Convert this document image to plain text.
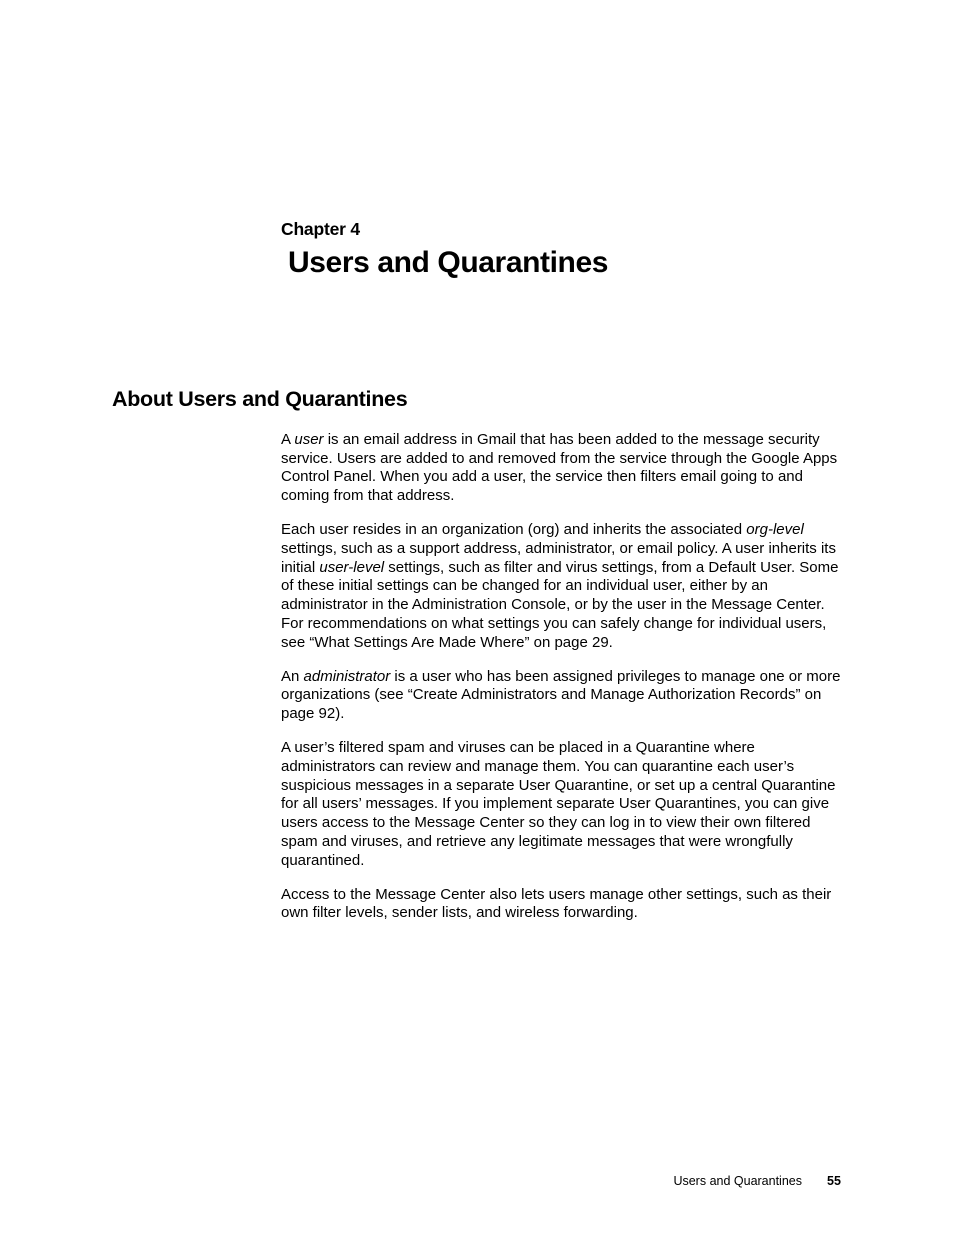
Chapter 4
Users and Quarantines
About Users and Quarantines

A user is an email address in Gmail that has been added to the message security service. Users are added to and removed from the service through the Google Apps Control Panel. When you add a user, the service then filters email going to and coming from that address.

Each user resides in an organization (org) and inherits the associated org-level settings, such as a support address, administrator, or email policy. A user inherits its initial user-level settings, such as filter and virus settings, from a Default User. Some of these initial settings can be changed for an individual user, either by an administrator in the Administration Console, or by the user in the Message Center. For recommendations on what settings you can safely change for individual users, see “What Settings Are Made Where” on page 29.

An administrator is a user who has been assigned privileges to manage one or more organizations (see “Create Administrators and Manage Authorization Records” on page 92).

A user’s filtered spam and viruses can be placed in a Quarantine where administrators can review and manage them. You can quarantine each user’s suspicious messages in a separate User Quarantine, or set up a central Quarantine for all users’ messages. If you implement separate User Quarantines, you can give users access to the Message Center so they can log in to view their own filtered spam and viruses, and retrieve any legitimate messages that were wrongfully quarantined.

Access to the Message Center also lets users manage other settings, such as their own filter levels, sender lists, and wireless forwarding.

Users and Quarantines 55
